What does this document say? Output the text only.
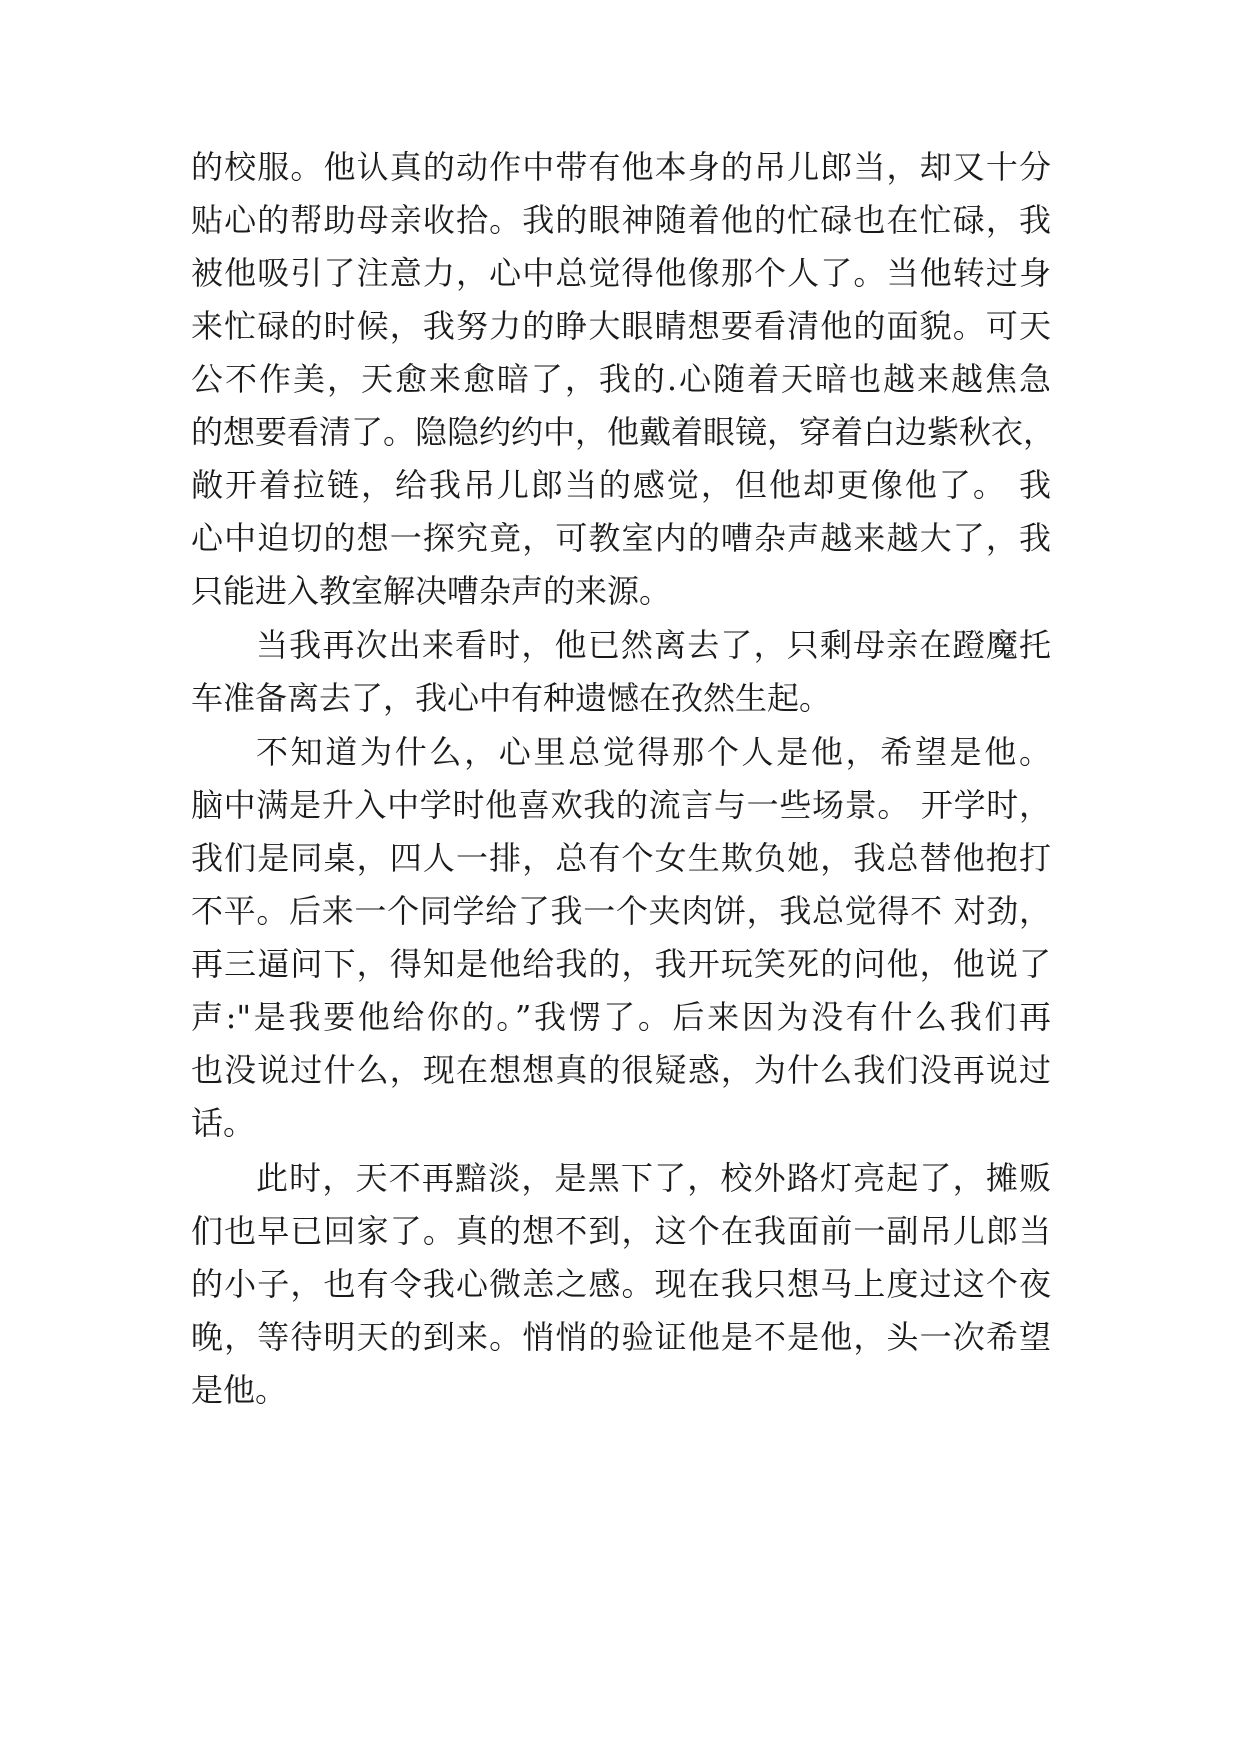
的校服。他认真的动作中带有他本身的吊儿郎当，却又十分
贴心的帮助母亲收拾。我的眼神随着他的忙碌也在忙碌，我
被他吸引了注意力，心中总觉得他像那个人了。当他转过身
来忙碌的时候，我努力的睁大眼睛想要看清他的面貌。可天
公不作美，天愈来愈暗了，我的.心随着天暗也越来越焦急
的想要看清了。隐隐约约中，他戴着眼镜，穿着白边紫秋衣，
敞开着拉链，给我吊儿郎当的感觉，但他却更像他了。 我
心中迫切的想一探究竟，可教室内的嘈杂声越来越大了，我
只能进入教室解决嘈杂声的来源。
当我再次出来看时，他已然离去了，只剩母亲在蹬魔托
车准备离去了，我心中有种遗憾在孜然生起。
不知道为什么，心里总觉得那个人是他，希望是他。
脑中满是升入中学时他喜欢我的流言与一些场景。 开学时，
我们是同桌，四人一排，总有个女生欺负她，我总替他抱打
不平。后来一个同学给了我一个夹肉饼，我总觉得不 对劲，
再三逼问下，得知是他给我的，我开玩笑死的问他，他说了
声:"是我要他给你的。”我愣了。后来因为没有什么我们再
也没说过什么，现在想想真的很疑惑，为什么我们没再说过
话。
此时，天不再黯淡，是黑下了，校外路灯亮起了，摊贩
们也早已回家了。真的想不到，这个在我面前一副吊儿郎当
的小子，也有令我心微恙之感。现在我只想马上度过这个夜
晚，等待明天的到来。悄悄的验证他是不是他，头一次希望
是他。
